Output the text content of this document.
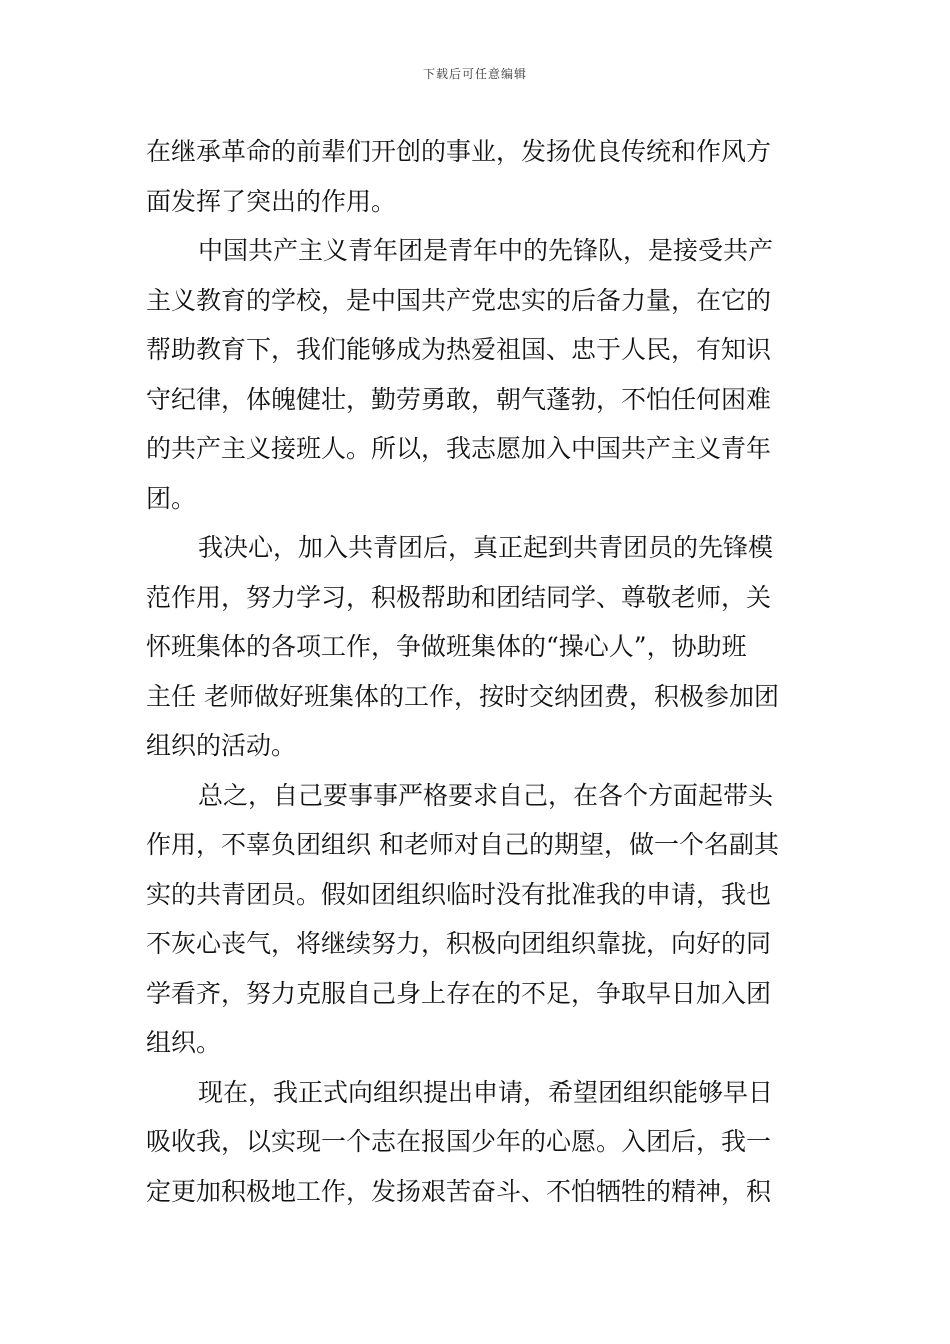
下载后可任意编辑
在继承革命的前辈们开创的事业，发扬优良传统和作风方
面发挥了突出的作用。
中国共产主义青年团是青年中的先锋队，是接受共产
主义教育的学校，是中国共产党忠实的后备力量，在它的
帮助教育下，我们能够成为热爱祖国、忠于人民，有知识
守纪律，体魄健壮，勤劳勇敢，朝气蓬勃，不怕任何困难
的共产主义接班人。所以，我志愿加入中国共产主义青年
团。
我决心，加入共青团后，真正起到共青团员的先锋模
范作用，努力学习，积极帮助和团结同学、尊敬老师，关
怀班集体的各项工作，争做班集体的“操心人”，协助班
主任 老师做好班集体的工作，按时交纳团费，积极参加团
组织的活动。
总之，自己要事事严格要求自己，在各个方面起带头
作用，不辜负团组织 和老师对自己的期望，做一个名副其
实的共青团员。假如团组织临时没有批准我的申请，我也
不灰心丧气，将继续努力，积极向团组织靠拢，向好的同
学看齐，努力克服自己身上存在的不足，争取早日加入团
组织。
现在，我正式向组织提出申请，希望团组织能够早日
吸收我，以实现一个志在报国少年的心愿。入团后，我一
定更加积极地工作，发扬艰苦奋斗、不怕牺牲的精神，积
